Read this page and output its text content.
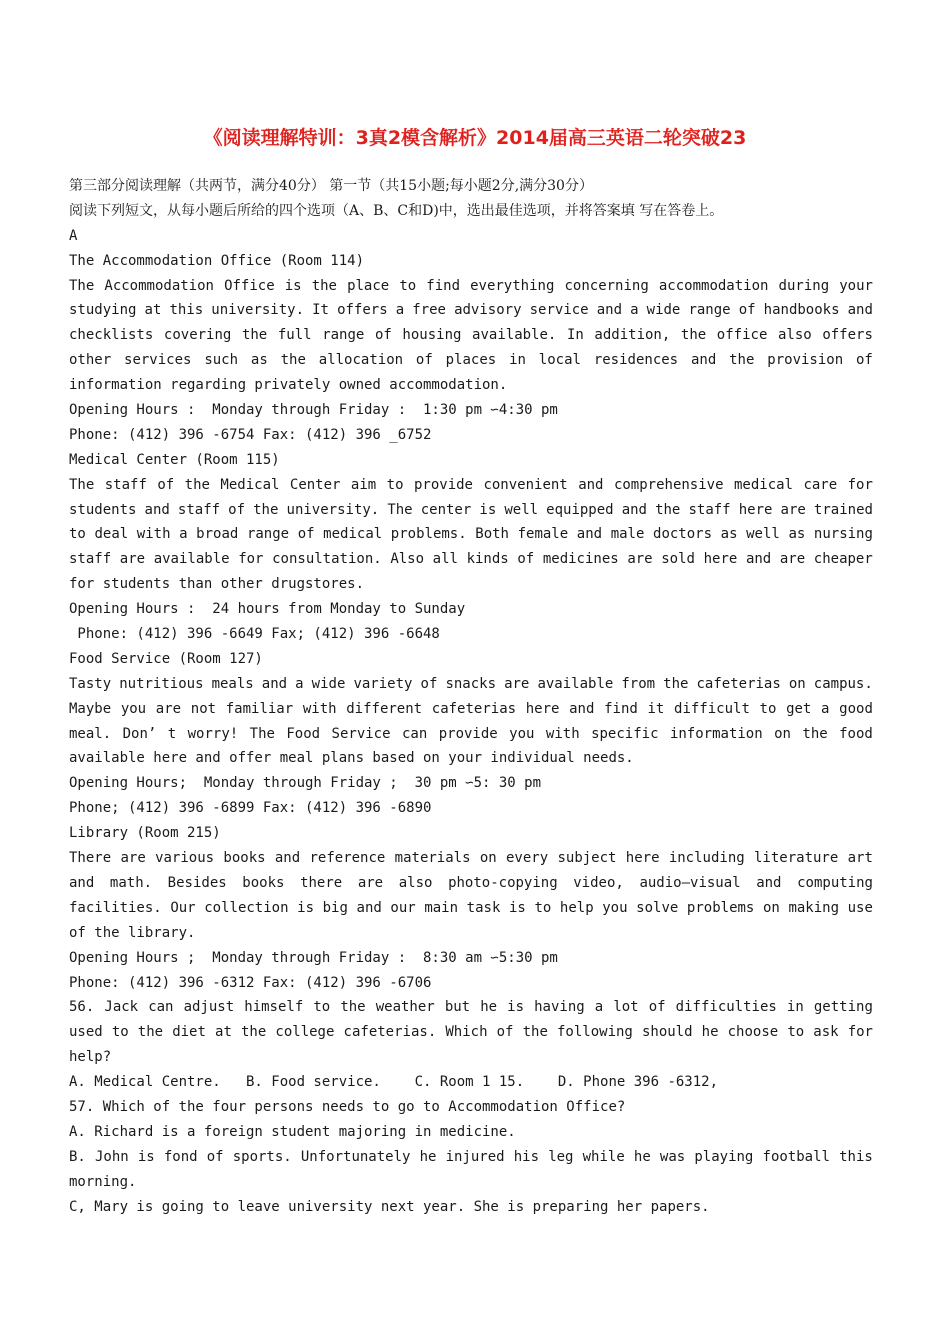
《阅读理解特训：3真2模含解析》2014届高三英语二轮突破23
第三部分阅读理解（共两节，满分40分） 第一节（共15小题;每小题2分,满分30分）
阅读下列短文，从每小题后所给的四个选项（A、B、C和D)中，选出最佳选项，并将答案填 写在答卷上。
A
The Accommodation Office (Room 114)
The Accommodation Office is the place to find everything concerning accommodation during your
studying at this university. It offers a free advisory service and a wide range of handbooks and
checklists covering the full range of housing available. In addition, the office also offers
other services such as the allocation of places in local residences and the provision of
information regarding privately owned accommodation.
Opening Hours :  Monday through Friday :  1:30 pm ∽4:30 pm
Phone: (412) 396 -6754 Fax: (412) 396 _6752
Medical Center (Room 115)
The staff of the Medical Center aim to provide convenient and comprehensive medical care for
students and staff of the university. The center is well equipped and the staff here are trained
to deal with a broad range of medical problems. Both female and male doctors as well as nursing
staff are available for consultation. Also all kinds of medicines are sold here and are cheaper
for students than other drugstores.
Opening Hours :  24 hours from Monday to Sunday
Phone: (412) 396 -6649 Fax; (412) 396 -6648
Food Service (Room 127)
Tasty nutritious meals and a wide variety of snacks are available from the cafeterias on campus.
Maybe you are not familiar with different cafeterias here and find it difficult to get a good
meal. Don’ t worry! The Food Service can provide you with specific information on the food
available here and offer meal plans based on your individual needs.
Opening Hours;  Monday through Friday ;  30 pm ∽5: 30 pm
Phone; (412) 396 -6899 Fax: (412) 396 -6890
Library (Room 215)
There are various books and reference materials on every subject here including literature art
and math. Besides books there are also photo-copying video, audio—visual and computing
facilities. Our collection is big and our main task is to help you solve problems on making use
of the library.
Opening Hours ;  Monday through Friday :  8:30 am ∽5:30 pm
Phone: (412) 396 -6312 Fax: (412) 396 -6706
56. Jack can adjust himself to the weather but he is having a lot of difficulties in getting
used to the diet at the college cafeterias. Which of the following should he choose to ask for
help?
A. Medical Centre.   B. Food service.    C. Room 1 15.    D. Phone 396 -6312,
57. Which of the four persons needs to go to Accommodation Office?
A. Richard is a foreign student majoring in medicine.
B. John is fond of sports. Unfortunately he injured his leg while he was playing football this
morning.
C, Mary is going to leave university next year. She is preparing her papers.
